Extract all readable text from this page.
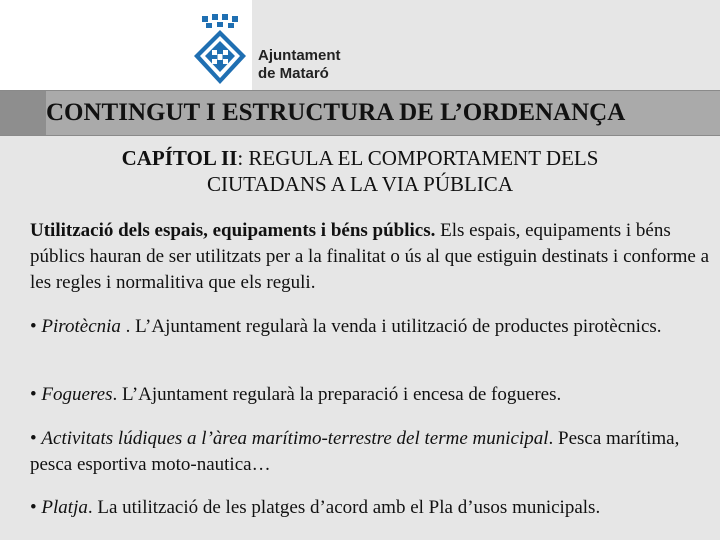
Ajuntament
de Mataró
CONTINGUT I ESTRUCTURA DE L’ORDENANÇA
CAPÍTOL II: REGULA EL COMPORTAMENT DELS CIUTADANS A LA VIA PÚBLICA
Utilització dels espais, equipaments i béns públics. Els espais, equipaments i béns públics hauran de ser utilitzats per a la finalitat o ús al que estiguin destinats i conforme a les regles i normalitiva que els reguli.
• Pirotècnia . L’Ajuntament regularà la venda i utilització de productes pirotècnics.
• Fogueres. L’Ajuntament regularà la preparació i encesa de fogueres.
• Activitats lúdiques a l’àrea marítimo-terrestre del terme municipal. Pesca marítima, pesca esportiva moto-nautica…
• Platja. La utilització de les platges d’acord amb el Pla d’usos municipals.
